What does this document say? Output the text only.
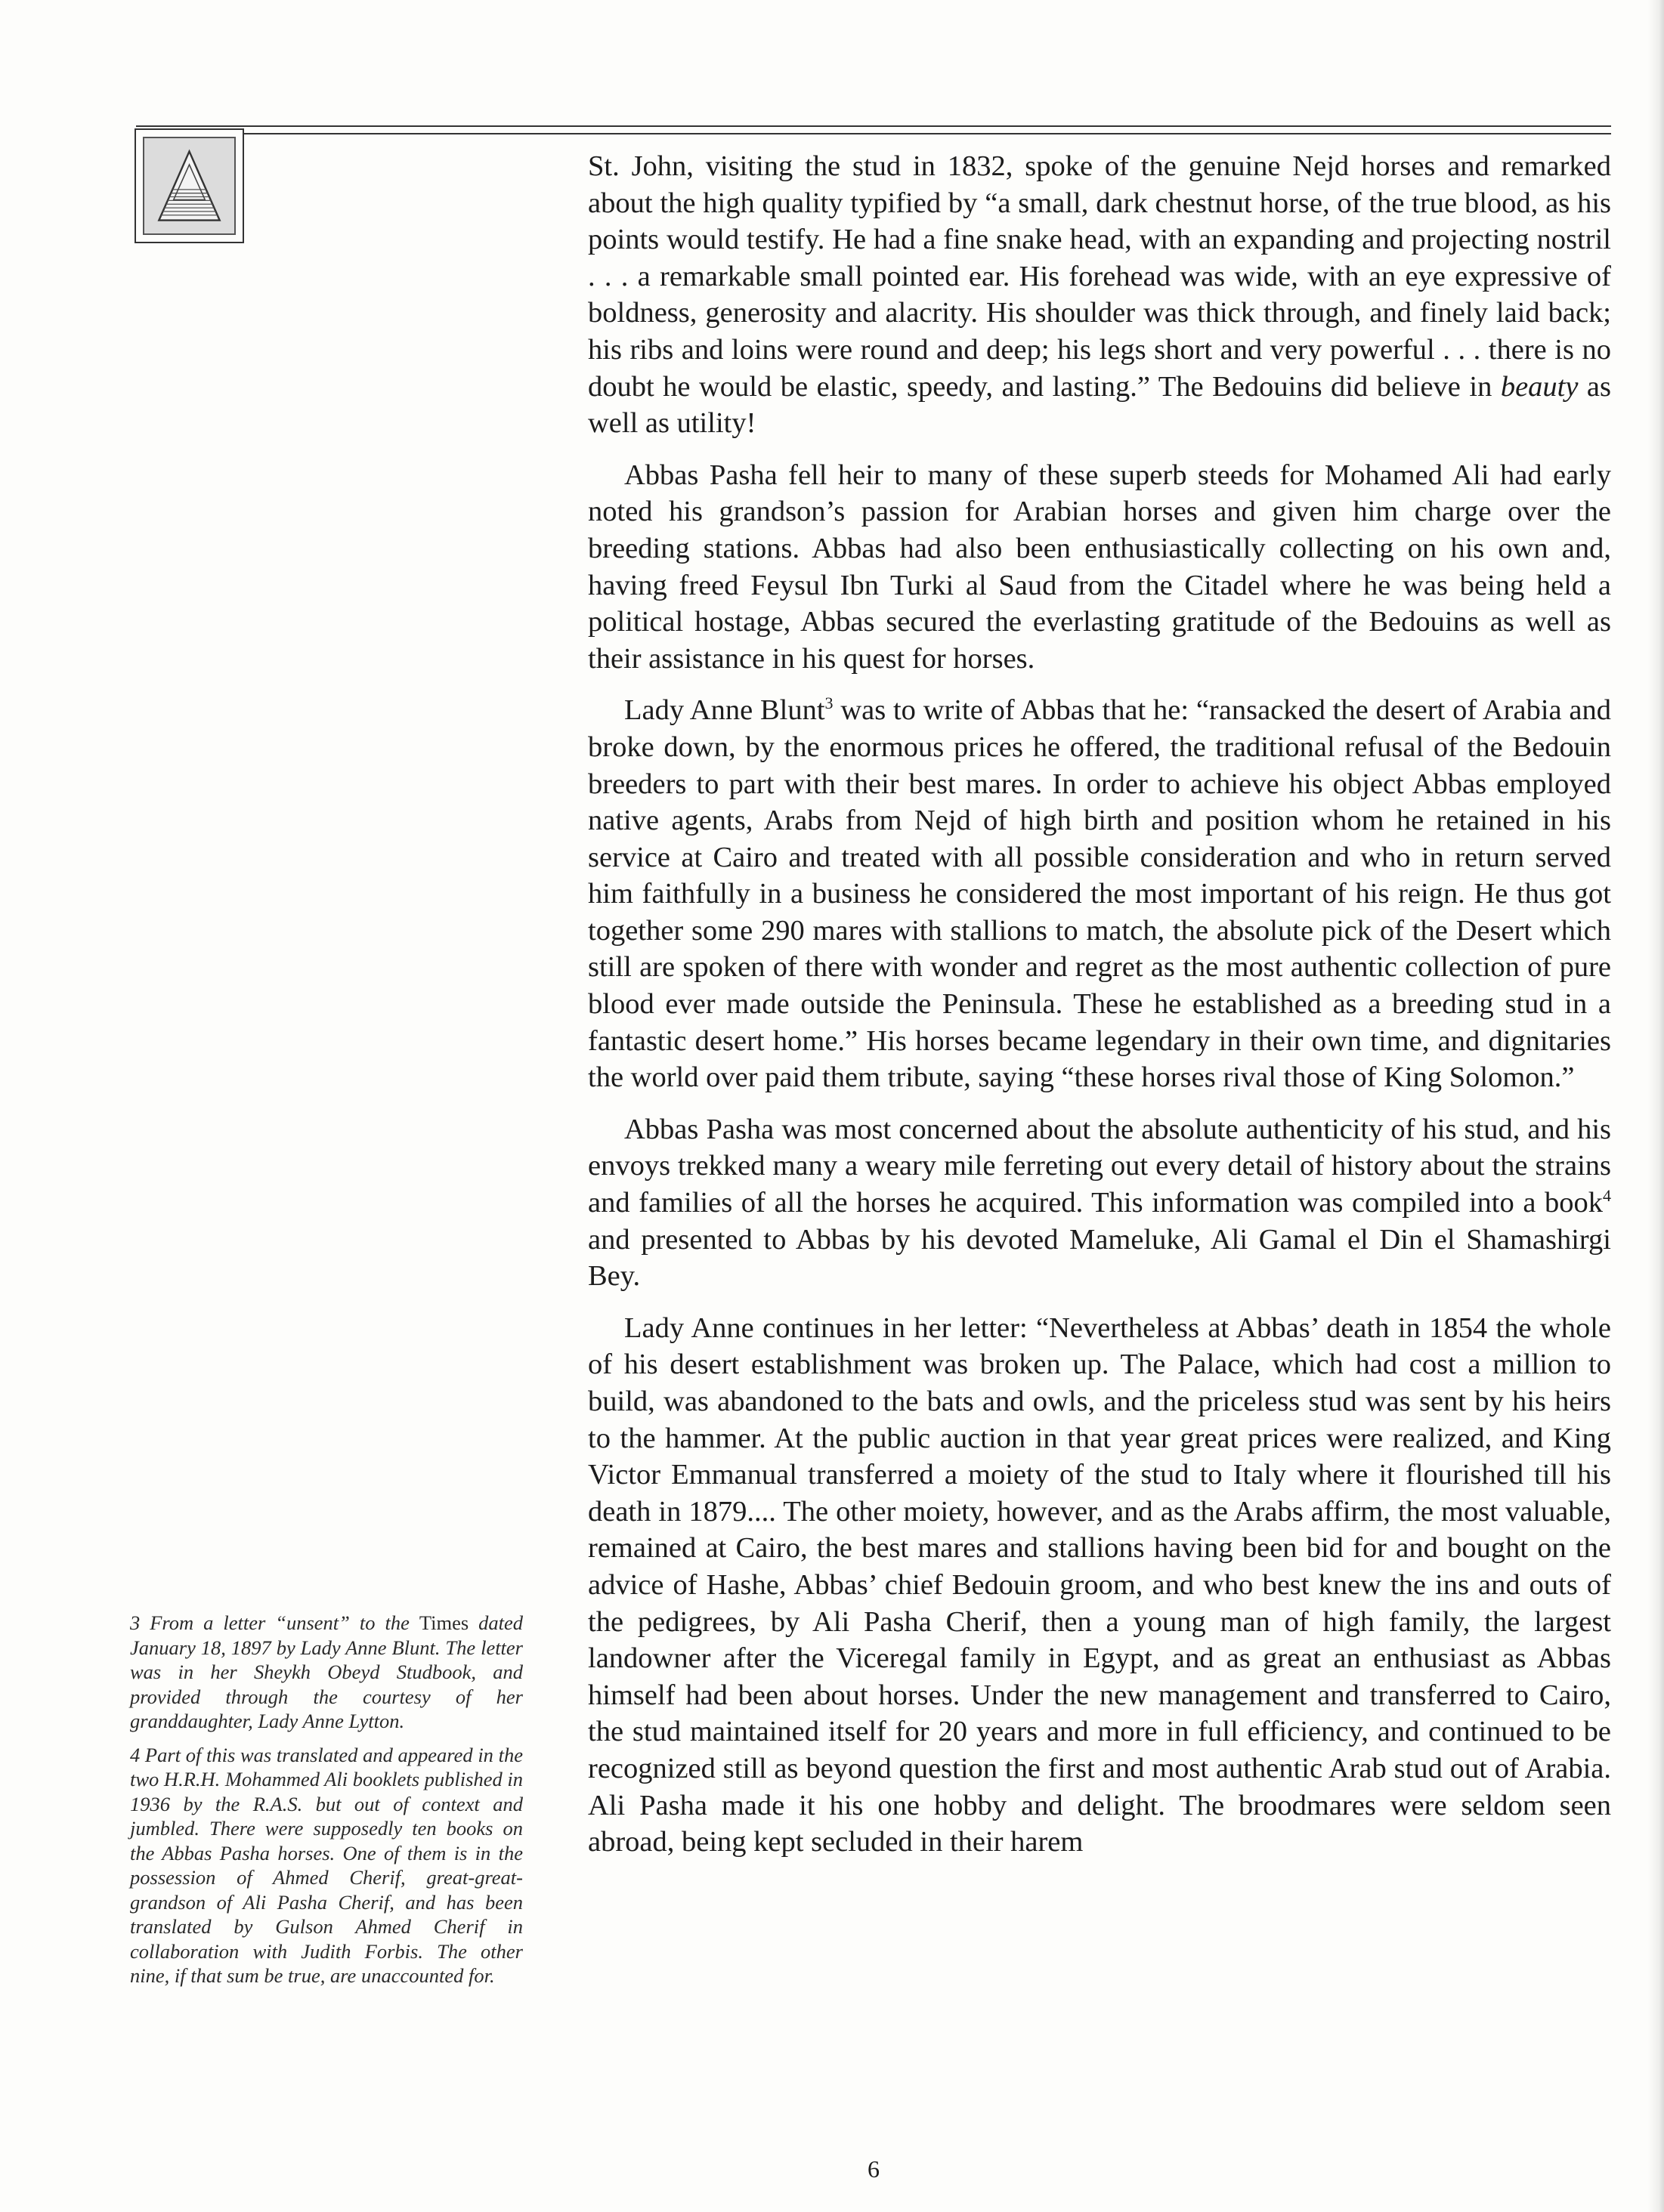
St. John, visiting the stud in 1832, spoke of the genuine Nejd horses and remarked about the high quality typified by “a small, dark chestnut horse, of the true blood, as his points would testify. He had a fine snake head, with an expanding and projecting nostril . . . a remarkable small pointed ear. His forehead was wide, with an eye expressive of boldness, generosity and alacrity. His shoulder was thick through, and finely laid back; his ribs and loins were round and deep; his legs short and very powerful . . . there is no doubt he would be elastic, speedy, and lasting.” The Bedouins did believe in beauty as well as utility!

Abbas Pasha fell heir to many of these superb steeds for Mohamed Ali had early noted his grandson’s passion for Arabian horses and given him charge over the breeding stations. Abbas had also been enthusiastically collecting on his own and, having freed Feysul Ibn Turki al Saud from the Citadel where he was being held a political hostage, Abbas secured the everlasting gratitude of the Bedouins as well as their assistance in his quest for horses.

Lady Anne Blunt$^3$ was to write of Abbas that he: “ransacked the desert of Arabia and broke down, by the enormous prices he offered, the traditional refusal of the Bedouin breeders to part with their best mares. In order to achieve his object Abbas employed native agents, Arabs from Nejd of high birth and position whom he retained in his service at Cairo and treated with all possible consideration and who in return served him faithfully in a business he considered the most important of his reign. He thus got together some 290 mares with stallions to match, the absolute pick of the Desert which still are spoken of there with wonder and regret as the most authentic collection of pure blood ever made outside the Peninsula. These he established as a breeding stud in a fantastic desert home.” His horses became legendary in their own time, and dignitaries the world over paid them tribute, saying “these horses rival those of King Solomon.”

Abbas Pasha was most concerned about the absolute authenticity of his stud, and his envoys trekked many a weary mile ferreting out every detail of history about the strains and families of all the horses he acquired. This information was compiled into a book$^4$ and presented to Abbas by his devoted Mameluke, Ali Gamal el Din el Shamashirgi Bey.

Lady Anne continues in her letter: “Nevertheless at Abbas’ death in 1854 the whole of his desert establishment was broken up. The Palace, which had cost a million to build, was abandoned to the bats and owls, and the priceless stud was sent by his heirs to the hammer. At the public auction in that year great prices were realized, and King Victor Emmanual transferred a moiety of the stud to Italy where it flourished till his death in 1879.... The other moiety, however, and as the Arabs affirm, the most valuable, remained at Cairo, the best mares and stallions having been bid for and bought on the advice of Hashe, Abbas’ chief Bedouin groom, and who best knew the ins and outs of the pedigrees, by Ali Pasha Cherif, then a young man of high family, the largest landowner after the Viceregal family in Egypt, and as great an enthusiast as Abbas himself had been about horses. Under the new management and transferred to Cairo, the stud maintained itself for 20 years and more in full efficiency, and continued to be recognized still as beyond question the first and most authentic Arab stud out of Arabia. Ali Pasha made it his one hobby and delight. The broodmares were seldom seen abroad, being kept secluded in their harem

3 From a letter “unsent” to the Times dated January 18, 1897 by Lady Anne Blunt. The letter was in her Sheykh Obeyd Studbook, and provided through the courtesy of her granddaughter, Lady Anne Lytton.

4 Part of this was translated and appeared in the two H.R.H. Mohammed Ali booklets published in 1936 by the R.A.S. but out of context and jumbled. There were supposedly ten books on the Abbas Pasha horses. One of them is in the possession of Ahmed Cherif, great-great-grandson of Ali Pasha Cherif, and has been translated by Gulson Ahmed Cherif in collaboration with Judith Forbis. The other nine, if that sum be true, are unaccounted for.

6
